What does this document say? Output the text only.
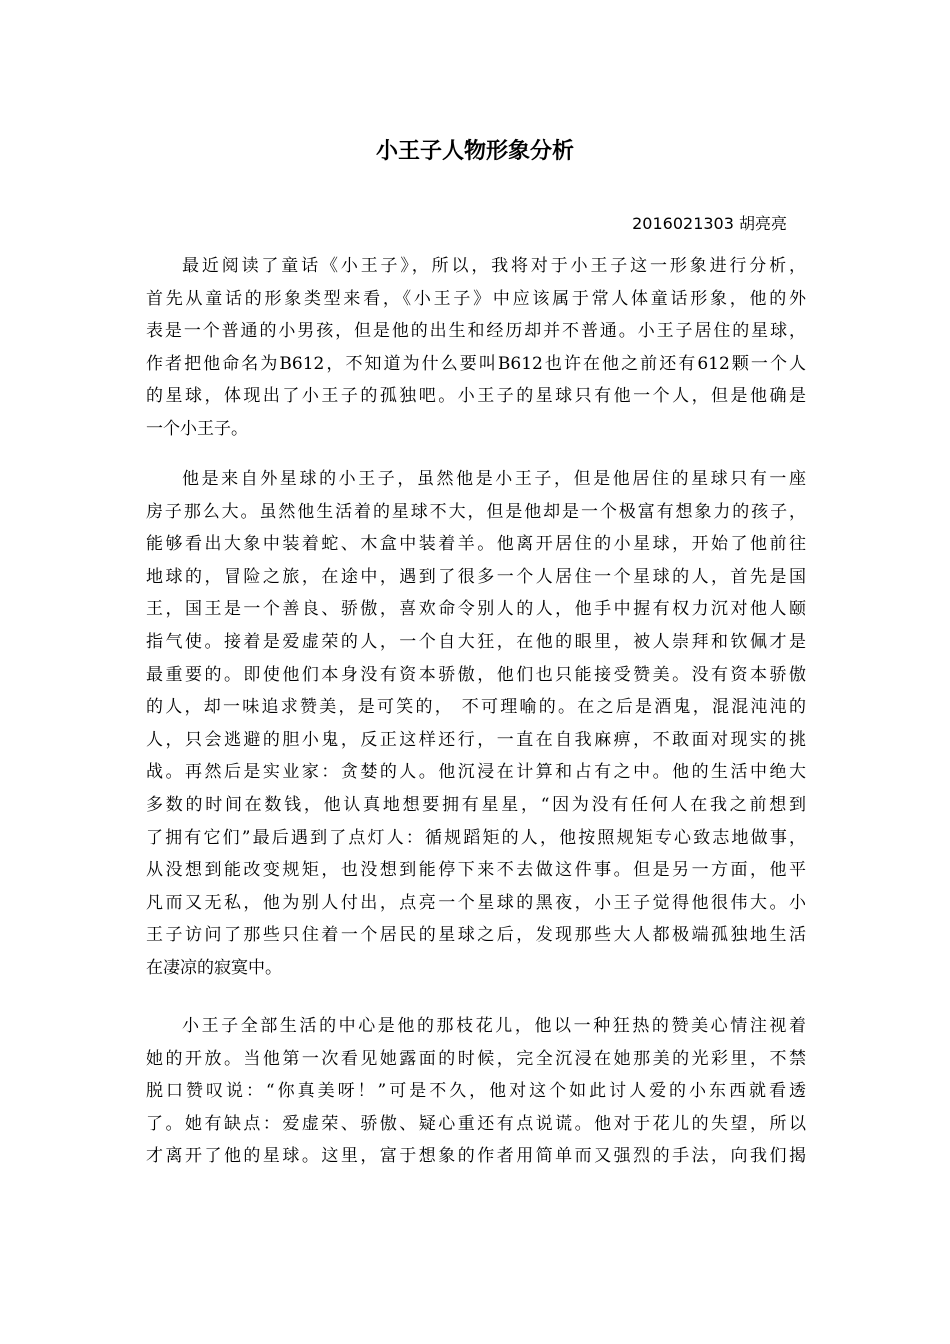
小王子人物形象分析
2016021303 胡亮亮

最近阅读了童话《小王子》，所以，我将对于小王子这一形象进行分析，
首先从童话的形象类型来看，《小王子》中应该属于常人体童话形象，他的外
表是一个普通的小男孩，但是他的出生和经历却并不普通。小王子居住的星球，
作者把他命名为B612，不知道为什么要叫B612也许在他之前还有612颗一个人
的星球，体现出了小王子的孤独吧。小王子的星球只有他一个人，但是他确是
一个小王子。

他是来自外星球的小王子，虽然他是小王子，但是他居住的星球只有一座
房子那么大。虽然他生活着的星球不大，但是他却是一个极富有想象力的孩子，
能够看出大象中装着蛇、木盒中装着羊。他离开居住的小星球，开始了他前往
地球的，冒险之旅，在途中，遇到了很多一个人居住一个星球的人，首先是国
王，国王是一个善良、骄傲，喜欢命令别人的人，他手中握有权力沉对他人颐
指气使。接着是爱虚荣的人，一个自大狂，在他的眼里，被人崇拜和钦佩才是
最重要的。即使他们本身没有资本骄傲，他们也只能接受赞美。没有资本骄傲
的人，却一味追求赞美，是可笑的， 不可理喻的。在之后是酒鬼，混混沌沌的
人，只会逃避的胆小鬼，反正这样还行，一直在自我麻痹，不敢面对现实的挑
战。再然后是实业家：贪婪的人。他沉浸在计算和占有之中。他的生活中绝大
多数的时间在数钱，他认真地想要拥有星星，“因为没有任何人在我之前想到
了拥有它们”最后遇到了点灯人：循规蹈矩的人，他按照规矩专心致志地做事，
从没想到能改变规矩，也没想到能停下来不去做这件事。但是另一方面，他平
凡而又无私，他为别人付出，点亮一个星球的黑夜，小王子觉得他很伟大。小
王子访问了那些只住着一个居民的星球之后，发现那些大人都极端孤独地生活
在凄凉的寂寞中。

小王子全部生活的中心是他的那枝花儿，他以一种狂热的赞美心情注视着
她的开放。当他第一次看见她露面的时候，完全沉浸在她那美的光彩里，不禁
脱口赞叹说：“你真美呀！”可是不久，他对这个如此讨人爱的小东西就看透
了。她有缺点：爱虚荣、骄傲、疑心重还有点说谎。他对于花儿的失望，所以
才离开了他的星球。这里，富于想象的作者用简单而又强烈的手法，向我们揭
